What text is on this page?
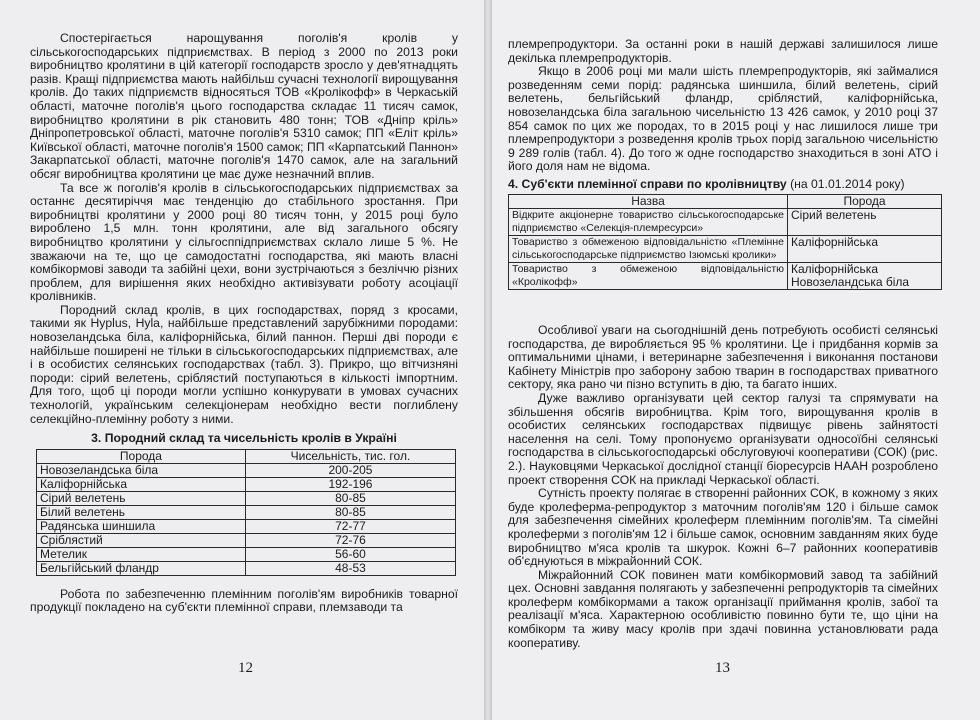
Спостерігається нарощування поголів'я кролів у сільськогосподарських підприємствах. В період з 2000 по 2013 роки виробництво кролятини в цій категорії господарств зросло у дев'ятнадцять разів. Кращі підприємства мають найбільш сучасні технології вирощування кролів. До таких підприємств відносяться ТОВ «Кролікофф» в Черкаській області, маточне поголів'я цього господарства складає 11 тисяч самок, виробництво кролятини в рік становить 480 тонн; ТОВ «Дніпр кріль» Дніпропетровської області, маточне поголів'я 5310 самок; ПП «Еліт кріль» Київської області, маточне поголів'я 1500 самок; ПП «Карпатський Паннон» Закарпатської області, маточне поголів'я 1470 самок, але на загальний обсяг виробництва кролятини це має дуже незначний вплив.

Та все ж поголів'я кролів в сільськогосподарських підприємствах за останнє десятиріччя має тенденцію до стабільного зростання. При виробництві кролятини у 2000 році 80 тисяч тонн, у 2015 році було вироблено 1,5 млн. тонн кролятини, але від загального обсягу виробництво кролятини у сільгосппідприємствах склало лише 5 %. Не зважаючи на те, що це самодостатні господарства, які мають власні комбікормові заводи та забійні цехи, вони зустрічаються з безліччю різних проблем, для вирішення яких необхідно активізувати роботу асоціації кролівників.

Породний склад кролів, в цих господарствах, поряд з кросами, такими як Hyplus, Hyla, найбільше представлений зарубіжними породами: новозеландська біла, каліфорнійська, білий паннон. Перші дві породи є найбільше поширені не тільки в сільськогосподарських підприємствах, але і в особистих селянських господарствах (табл. 3). Прикро, що вітчизняні породи: сірий велетень, сріблястий поступаються в кількості імпортним. Для того, щоб ці породи могли успішно конкурувати в умовах сучасних технологій, українським селекціонерам необхідно вести поглиблену селекційно-племінну роботу з ними.

3. Породний склад та чисельність кролів в Україні

Порода	Чисельність, тис. гол.
Новозеландська біла	200-205
Каліфорнійська	192-196
Сірий велетень	80-85
Білий велетень	80-85
Радянська шиншила	72-77
Сріблястий	72-76
Метелик	56-60
Бельгійський фландр	48-53

Робота по забезпеченню племінним поголів'ям виробників товарної продукції покладено на суб'єкти племінної справи, племзаводи та

12

племрепродуктори. За останні роки в нашій державі залишилося лише декілька племрепродукторів.

Якщо в 2006 році ми мали шість племрепродукторів, які займалися розведенням семи порід: радянська шиншила, білий велетень, сірий велетень, бельгійський фландр, сріблястий, каліфорнійська, новозеландська біла загальною чисельністю 13 426 самок, у 2010 році 37 854 самок по цих же породах, то в 2015 році у нас лишилося лише три племрепродуктори з розведення кролів трьох порід загальною чисельністю 9 289 голів (табл. 4). До того ж одне господарство знаходиться в зоні АТО і його доля нам не відома.

4. Суб'єкти племінної справи по кролівництву (на 01.01.2014 року)

Назва	Порода
Відкрите акціонерне товариство сільськогосподарське підприємство «Селекція-племресурси»	Сірий велетень
Товариство з обмеженою відповідальністю «Племінне сільськогосподарське підприємство Ізюмські кролики»	Каліфорнійська
Товариство з обмеженою відповідальністю «Кролікофф»	Каліфорнійська Новозеландська біла

Особливої уваги на сьогоднішній день потребують особисті селянські господарства, де виробляється 95 % кролятини. Це і придбання кормів за оптимальними цінами, і ветеринарне забезпечення і виконання постанови Кабінету Міністрів про заборону забою тварин в господарствах приватного сектору, яка рано чи пізно вступить в дію, та багато інших.

Дуже важливо організувати цей сектор галузі та спрямувати на збільшення обсягів виробництва. Крім того, вирощування кролів в особистих селянських господарствах підвищує рівень зайнятості населення на селі. Тому пропонуємо організувати односоїбні селянські господарства в сільськогосподарські обслуговуючі кооперативи (СОК) (рис. 2.). Науковцями Черкаської дослідної станції біоресурсів НААН розроблено проект створення СОК на прикладі Черкаської області.

Сутність проекту полягає в створенні районних СОК, в кожному з яких буде кролеферма-репродуктор з маточним поголів'ям 120 і більше самок для забезпечення сімейних кролеферм племінним поголів'ям. Та сімейні кролеферми з поголів'ям 12 і більше самок, основним завданням яких буде виробництво м'яса кролів та шкурок. Кожні 6–7 районних кооперативів об'єднуються в міжрайонний СОК.

Міжрайонний СОК повинен мати комбікормовий завод та забійний цех. Основні завдання полягають у забезпеченні репродукторів та сімейних кролеферм комбікормами а також організації приймання кролів, забої та реалізації м'яса. Характерною особливістю повинно бути те, що ціни на комбікорм та живу масу кролів при здачі повинна установлювати рада кооперативу.

13
